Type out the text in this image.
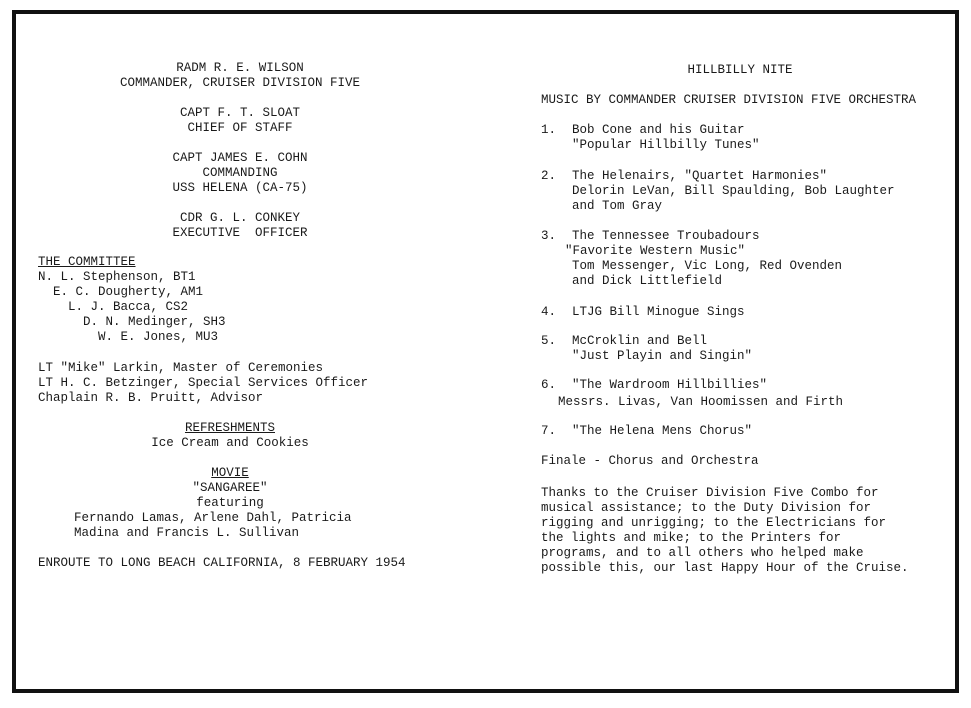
RADM R. E. WILSON
COMMANDER, CRUISER DIVISION FIVE
CAPT F. T. SLOAT
CHIEF OF STAFF
CAPT JAMES E. COHN
COMMANDING
USS HELENA (CA-75)
CDR G. L. CONKEY
EXECUTIVE  OFFICER
THE COMMITTEE
N. L. Stephenson, BT1
E. C. Dougherty, AM1
L. J. Bacca, CS2
D. N. Medinger, SH3
W. E. Jones, MU3
LT "Mike" Larkin, Master of Ceremonies
LT H. C. Betzinger, Special Services Officer
Chaplain R. B. Pruitt, Advisor
REFRESHMENTS
Ice Cream and Cookies
MOVIE
"SANGAREE"
featuring
Fernando Lamas, Arlene Dahl, Patricia
Madina and Francis L. Sullivan
ENROUTE TO LONG BEACH CALIFORNIA, 8 FEBRUARY 1954
HILLBILLY NITE
MUSIC BY COMMANDER CRUISER DIVISION FIVE ORCHESTRA
1. Bob Cone and his Guitar
"Popular Hillbilly Tunes"
2. The Helenairs, "Quartet Harmonies"
Delorin LeVan, Bill Spaulding, Bob Laughter
and Tom Gray
3. The Tennessee Troubadours
"Favorite Western Music"
Tom Messenger, Vic Long, Red Ovenden
and Dick Littlefield
4. LTJG Bill Minogue Sings
5. McCroklin and Bell
"Just Playin and Singin"
6. "The Wardroom Hillbillies"
Messrs. Livas, Van Hoomissen and Firth
7. "The Helena Mens Chorus"
Finale - Chorus and Orchestra
Thanks to the Cruiser Division Five Combo for
musical assistance; to the Duty Division for
rigging and unrigging; to the Electricians for
the lights and mike; to the Printers for
programs, and to all others who helped make
possible this, our last Happy Hour of the Cruise.
